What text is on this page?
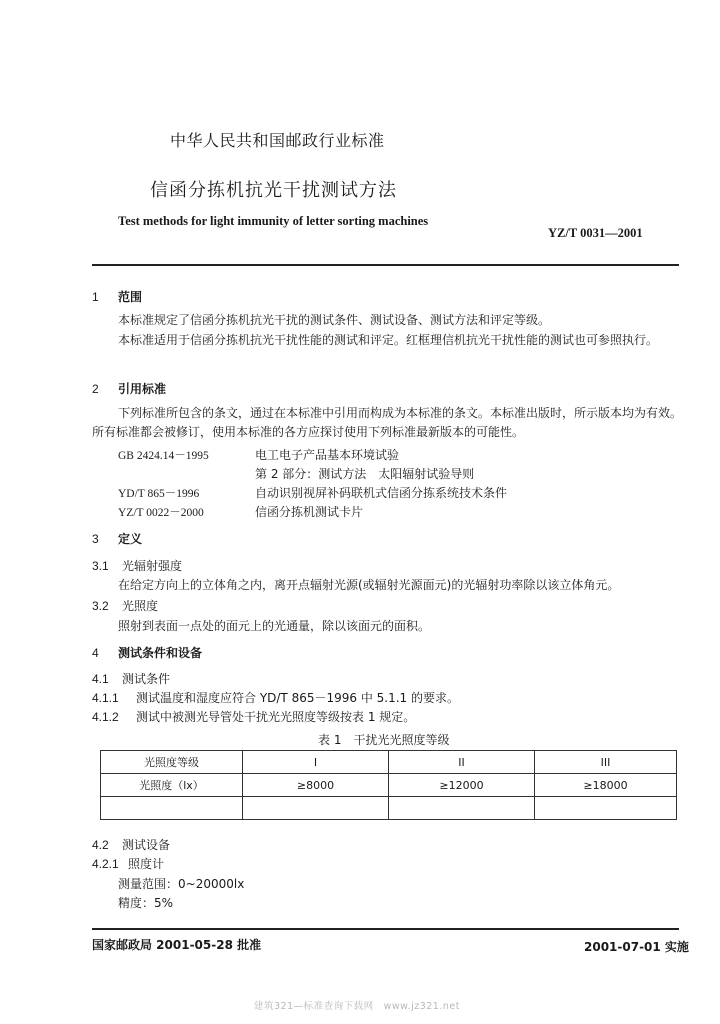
中华人民共和国邮政行业标准
信函分拣机抗光干扰测试方法
Test methods for light immunity of letter sorting machines
YZ/T 0031—2001
1 范围
本标准规定了信函分拣机抗光干扰的测试条件、测试设备、测试方法和评定等级。
本标准适用于信函分拣机抗光干扰性能的测试和评定。红框理信机抗光干扰性能的测试也可参照执行。
2 引用标准
下列标准所包含的条文，通过在本标准中引用而构成为本标准的条文。本标准出版时，所示版本均为有效。所有标准都会被修订，使用本标准的各方应探讨使用下列标准最新版本的可能性。
GB 2424.14－1995	电工电子产品基本环境试验
第 2 部分：测试方法　太阳辐射试验导则
YD/T 865－1996	自动识别视屏补码联机式信函分拣系统技术条件
YZ/T 0022－2000	信函分拣机测试卡片
3 定义
3.1 光辐射强度
在给定方向上的立体角之内，离开点辐射光源(或辐射光源面元)的光辐射功率除以该立体角元。
3.2 光照度
照射到表面一点处的面元上的光通量，除以该面元的面积。
4 测试条件和设备
4.1 测试条件
4.1.1 测试温度和湿度应符合 YD/T 865－1996 中 5.1.1 的要求。
4.1.2 测试中被测光导管处干扰光光照度等级按表 1 规定。
表 1　干扰光光照度等级
光照度等级	I	II	III
光照度（lx）	≥8000	≥12000	≥18000

4.2 测试设备
4.2.1 照度计
测量范围：0~20000lx
精度：5%
国家邮政局 2001-05-28 批准	2001-07-01 实施
建筑321—标准查询下载网　www.jz321.net
